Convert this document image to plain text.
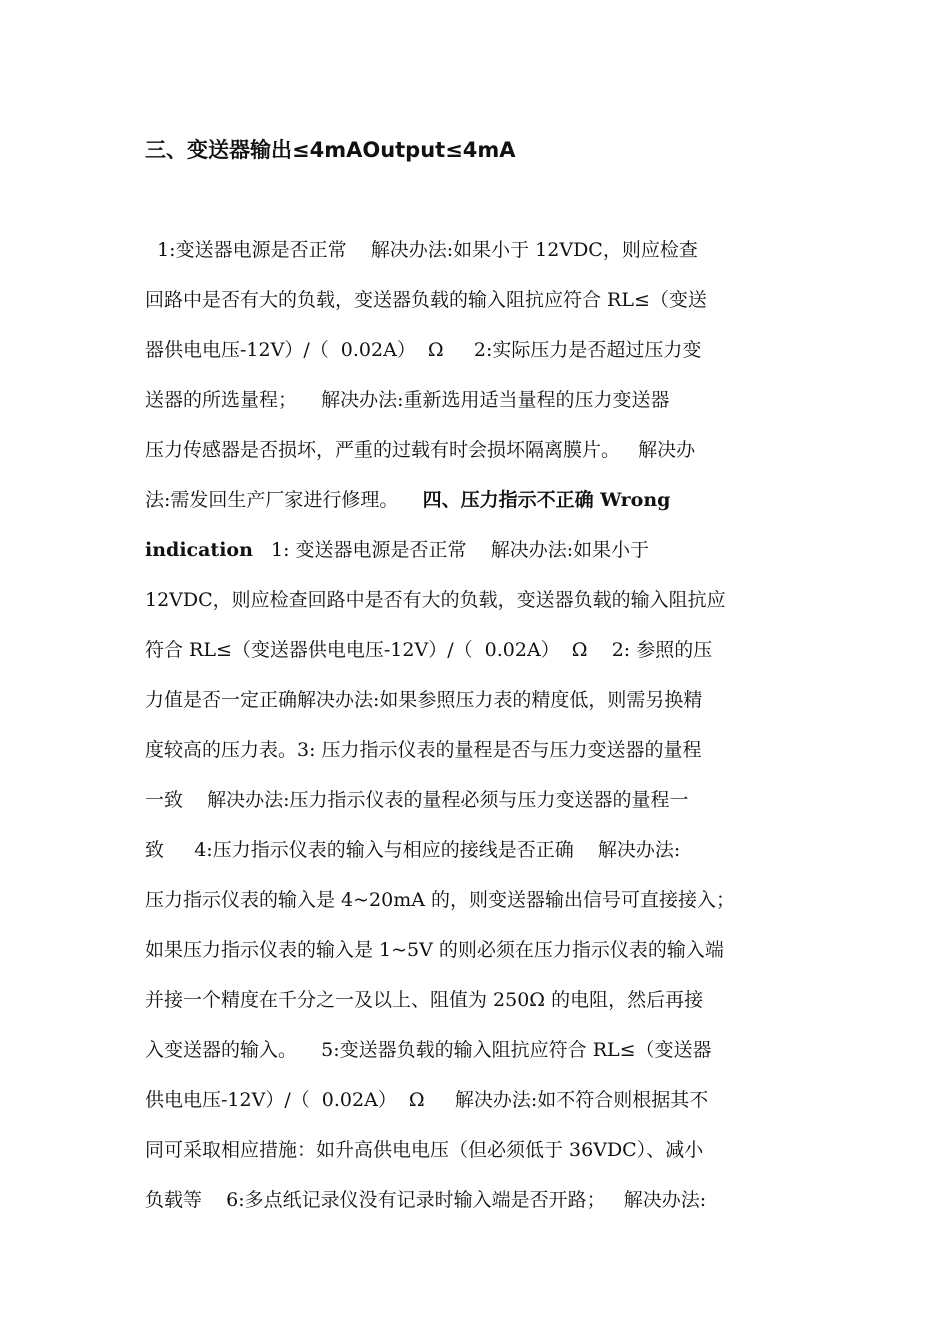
三、变送器输出≤4mAOutput≤4mA
1:变送器电源是否正常    解决办法:如果小于 12VDC，则应检查
回路中是否有大的负载，变送器负载的输入阻抗应符合 RL≤（变送
器供电电压-12V）/（  0.02A）  Ω     2:实际压力是否超过压力变
送器的所选量程；    解决办法:重新选用适当量程的压力变送器
压力传感器是否损坏，严重的过载有时会损坏隔离膜片。   解决办
法:需发回生产厂家进行修理。    四、压力指示不正确 Wrong
indication   1: 变送器电源是否正常    解决办法:如果小于
12VDC，则应检查回路中是否有大的负载，变送器负载的输入阻抗应
符合 RL≤（变送器供电电压-12V）/（  0.02A）  Ω    2: 参照的压
力值是否一定正确解决办法:如果参照压力表的精度低，则需另换精
度较高的压力表。3: 压力指示仪表的量程是否与压力变送器的量程
一致    解决办法:压力指示仪表的量程必须与压力变送器的量程一
致     4:压力指示仪表的输入与相应的接线是否正确    解决办法:
压力指示仪表的输入是 4~20mA 的，则变送器输出信号可直接接入；
如果压力指示仪表的输入是 1~5V 的则必须在压力指示仪表的输入端
并接一个精度在千分之一及以上、阻值为 250Ω 的电阻，然后再接
入变送器的输入。    5:变送器负载的输入阻抗应符合 RL≤（变送器
供电电压-12V）/（  0.02A）  Ω     解决办法:如不符合则根据其不
同可采取相应措施：如升高供电电压（但必须低于 36VDC）、减小
负载等    6:多点纸记录仪没有记录时输入端是否开路；   解决办法:
